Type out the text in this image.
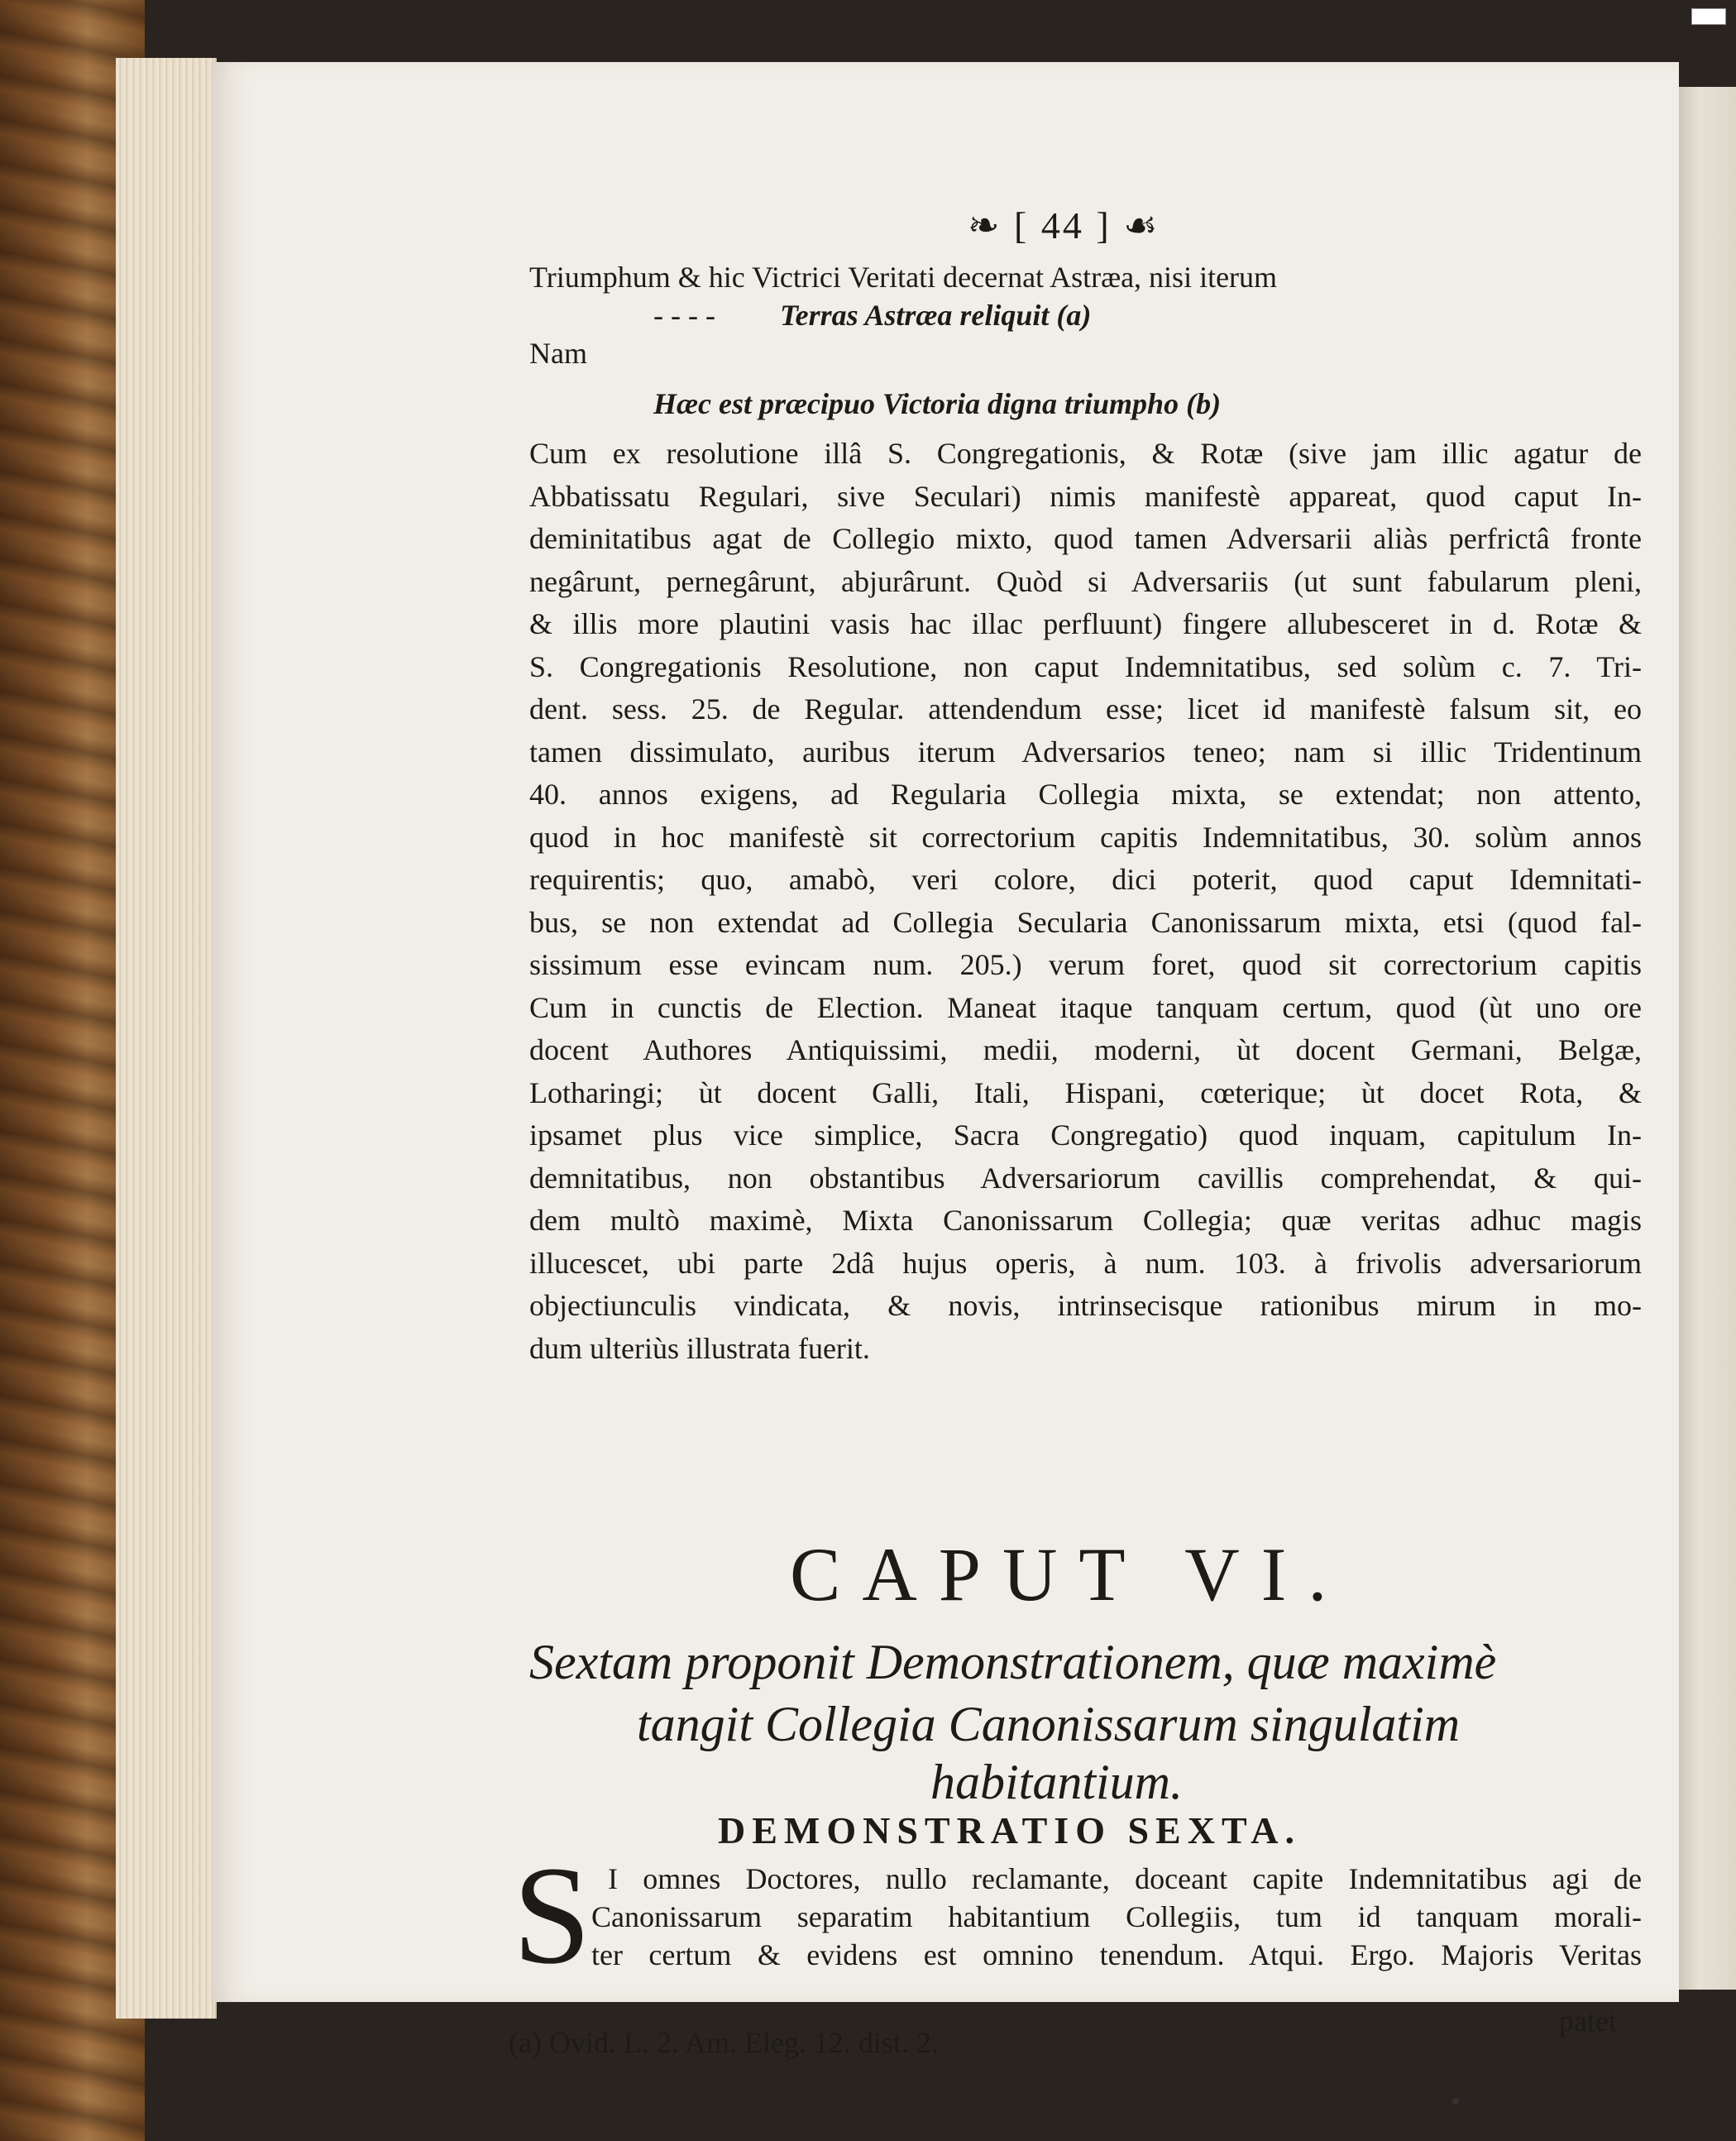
❧ [ 44 ] ☙
Triumphum & hic Victrici Veritati decernat Astræa, nisi iterum
- - - - Terras Astræa reliquit (a)
Nam
Hæc est præcipuo Victoria digna triumpho (b)
Cum ex resolutione illâ S. Congregationis, & Rotæ (sive jam illic agatur de
Abbatissatu Regulari, sive Seculari) nimis manifestè appareat, quod caput In-
deminitatibus agat de Collegio mixto, quod tamen Adversarii aliàs perfrictâ fronte
negârunt, pernegârunt, abjurârunt. Quòd si Adversariis (ut sunt fabularum pleni,
& illis more plautini vasis hac illac perfluunt) fingere allubesceret in d. Rotæ &
S. Congregationis Resolutione, non caput Indemnitatibus, sed solùm c. 7. Tri-
dent. sess. 25. de Regular. attendendum esse; licet id manifestè falsum sit, eo
tamen dissimulato, auribus iterum Adversarios teneo; nam si illic Tridentinum
40. annos exigens, ad Regularia Collegia mixta, se extendat; non attento,
quod in hoc manifestè sit correctorium capitis Indemnitatibus, 30. solùm annos
requirentis; quo, amabò, veri colore, dici poterit, quod caput Idemnitati-
bus, se non extendat ad Collegia Secularia Canonissarum mixta, etsi (quod fal-
sissimum esse evincam num. 205.) verum foret, quod sit correctorium capitis
Cum in cunctis de Election. Maneat itaque tanquam certum, quod (ùt uno ore
docent Authores Antiquissimi, medii, moderni, ùt docent Germani, Belgæ,
Lotharingi; ùt docent Galli, Itali, Hispani, cœterique; ùt docet Rota, &
ipsamet plus vice simplice, Sacra Congregatio) quod inquam, capitulum In-
demnitatibus, non obstantibus Adversariorum cavillis comprehendat, & qui-
dem multò maximè, Mixta Canonissarum Collegia; quæ veritas adhuc magis
illucescet, ubi parte 2dâ hujus operis, à num. 103. à frivolis adversariorum
objectiunculis vindicata, & novis, intrinsecisque rationibus mirum in mo-
dum ulteriùs illustrata fuerit.
CAPUT VI.
Sextam proponit Demonstrationem, quæ maximè
tangit Collegia Canonissarum singulatim
habitantium.
DEMONSTRATIO SEXTA.
S I omnes Doctores, nullo reclamante, doceant capite Indemnitatibus agi de
Canonissarum separatim habitantium Collegiis, tum id tanquam morali-
ter certum & evidens est omnino tenendum. Atqui. Ergo. Majoris Veritas
patet
(a) Ovid. L. 2. Am. Eleg. 12. dist. 2.
